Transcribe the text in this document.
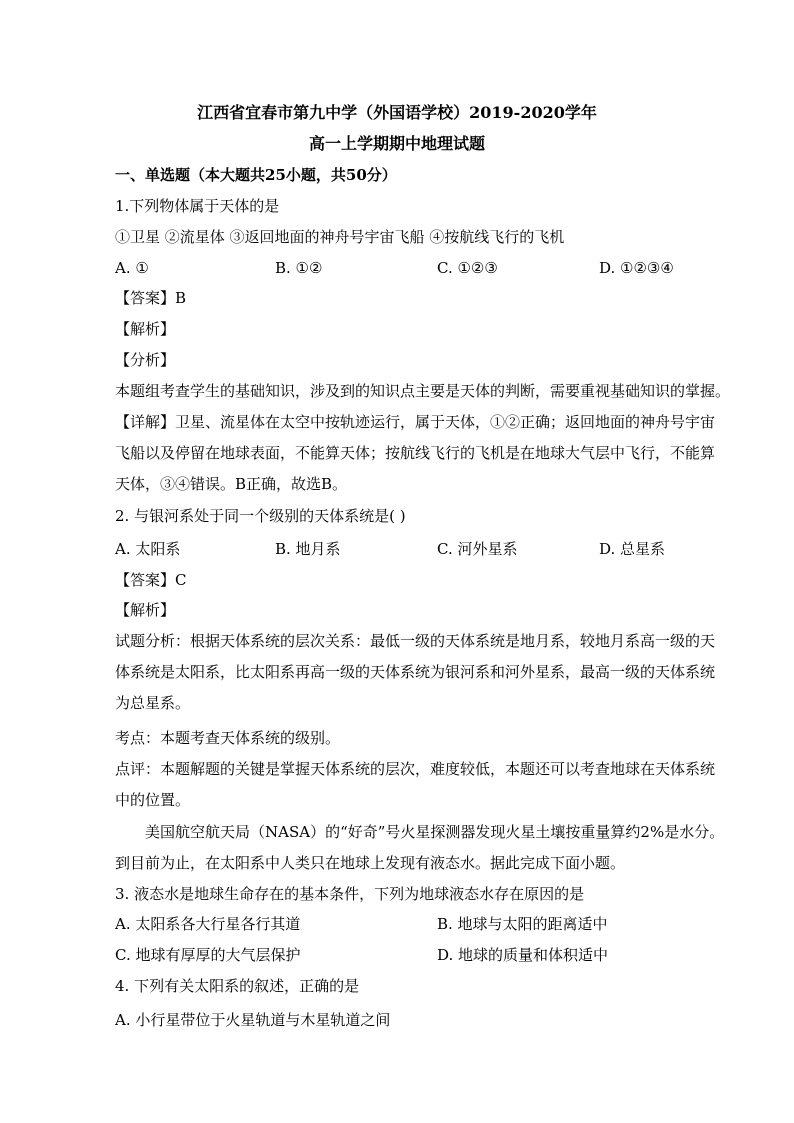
江西省宜春市第九中学（外国语学校）2019-2020学年
高一上学期期中地理试题
一、单选题（本大题共25小题，共50分）
1.下列物体属于天体的是
①卫星 ②流星体 ③返回地面的神舟号宇宙飞船 ④按航线飞行的飞机
A. ①	B. ①②	C. ①②③	D. ①②③④
【答案】B
【解析】
【分析】
本题组考查学生的基础知识，涉及到的知识点主要是天体的判断，需要重视基础知识的掌握。
【详解】卫星、流星体在太空中按轨迹运行，属于天体，①②正确；返回地面的神舟号宇宙
飞船以及停留在地球表面，不能算天体；按航线飞行的飞机是在地球大气层中飞行，不能算
天体，③④错误。B正确，故选B。
2. 与银河系处于同一个级别的天体系统是( )
A. 太阳系	B. 地月系	C. 河外星系	D. 总星系
【答案】C
【解析】
试题分析：根据天体系统的层次关系：最低一级的天体系统是地月系，较地月系高一级的天
体系统是太阳系，比太阳系再高一级的天体系统为银河系和河外星系，最高一级的天体系统
为总星系。
考点：本题考查天体系统的级别。
点评：本题解题的关键是掌握天体系统的层次，难度较低，本题还可以考查地球在天体系统
中的位置。
美国航空航天局（NASA）的“好奇”号火星探测器发现火星土壤按重量算约2%是水分。
到目前为止，在太阳系中人类只在地球上发现有液态水。据此完成下面小题。
3. 液态水是地球生命存在的基本条件，下列为地球液态水存在原因的是
A. 太阳系各大行星各行其道	B. 地球与太阳的距离适中
C. 地球有厚厚的大气层保护	D. 地球的质量和体积适中
4. 下列有关太阳系的叙述，正确的是
A. 小行星带位于火星轨道与木星轨道之间
